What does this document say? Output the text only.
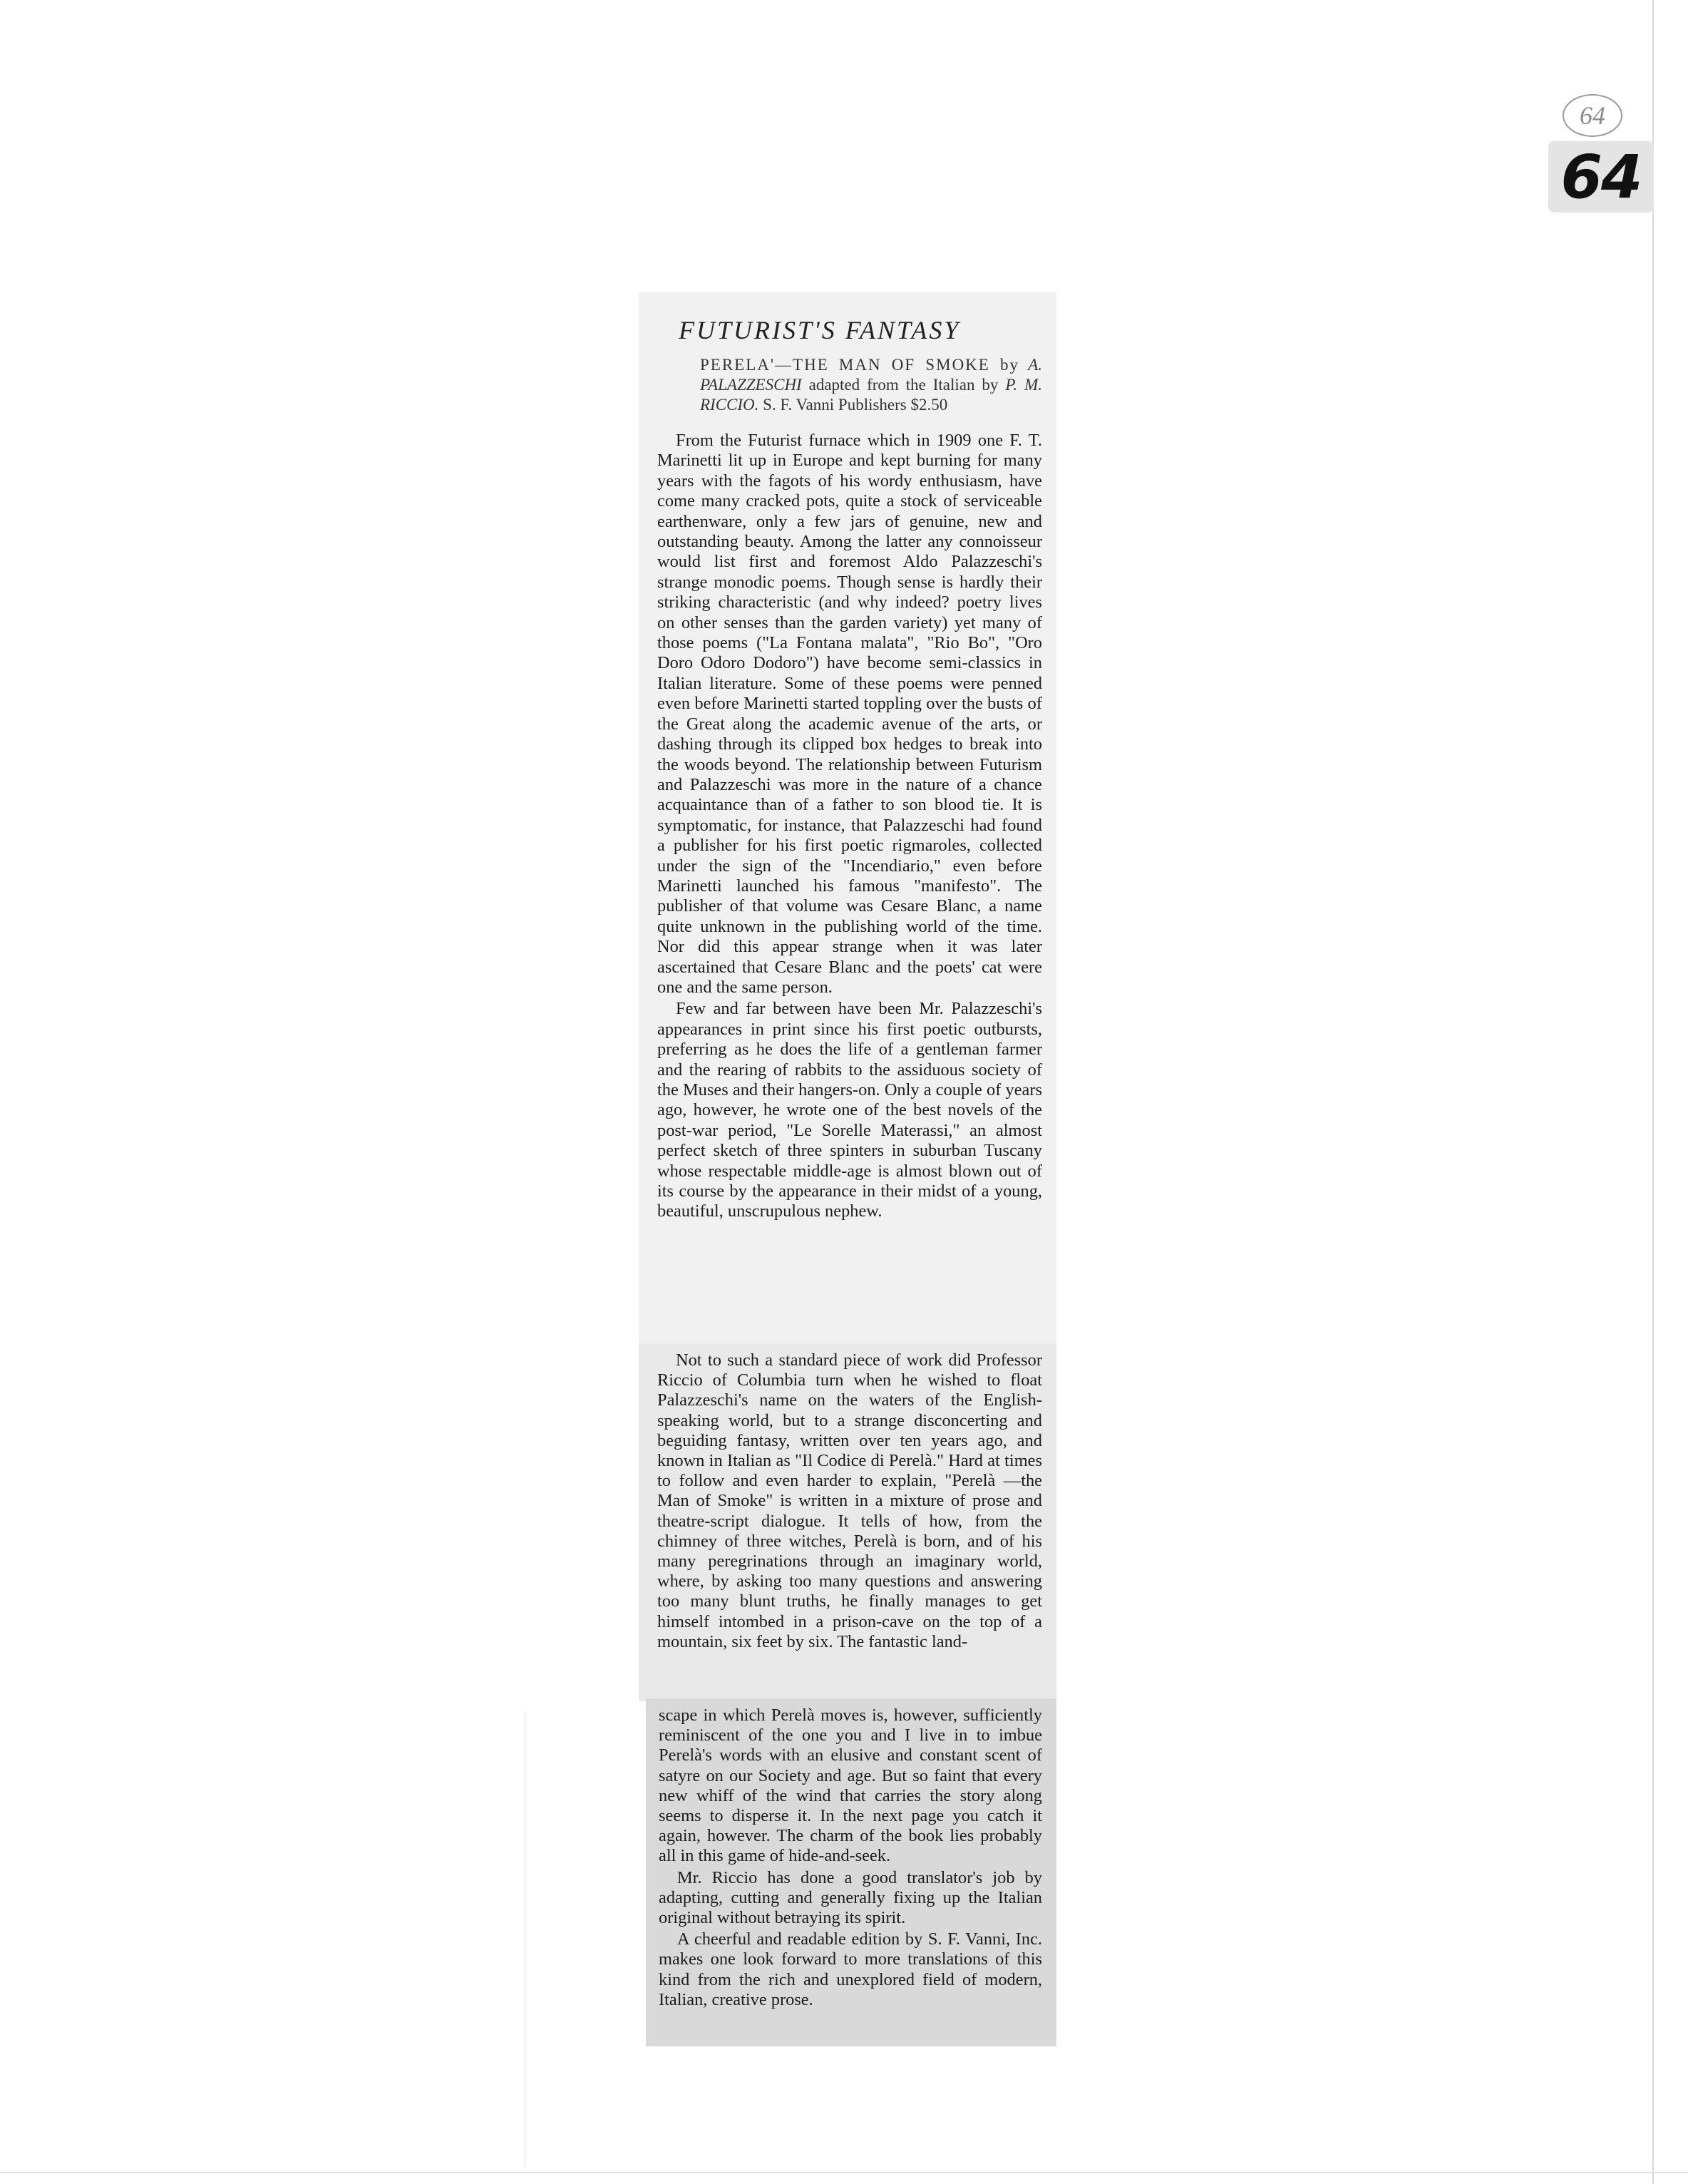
64
64
FUTURIST'S FANTASY
PERELA'—THE MAN OF SMOKE by A. PALAZZESCHI adapted from the Italian by P. M. RICCIO. S. F. Vanni Publishers $2.50

From the Futurist furnace which in 1909 one F. T. Marinetti lit up in Europe and kept burning for many years with the fagots of his wordy enthusiasm, have come many cracked pots, quite a stock of serviceable earthenware, only a few jars of genuine, new and outstanding beauty. Among the latter any connoisseur would list first and foremost Aldo Palazzeschi's strange monodic poems. Though sense is hardly their striking characteristic (and why indeed? poetry lives on other senses than the garden variety) yet many of those poems ("La Fontana malata", "Rio Bo", "Oro Doro Odoro Dodoro") have become semi-classics in Italian literature. Some of these poems were penned even before Marinetti started toppling over the busts of the Great along the academic avenue of the arts, or dashing through its clipped box hedges to break into the woods beyond. The relationship between Futurism and Palazzeschi was more in the nature of a chance acquaintance than of a father to son blood tie. It is symptomatic, for instance, that Palazzeschi had found a publisher for his first poetic rigmaroles, collected under the sign of the "Incendiario," even before Marinetti launched his famous "manifesto". The publisher of that volume was Cesare Blanc, a name quite unknown in the publishing world of the time. Nor did this appear strange when it was later ascertained that Cesare Blanc and the poets' cat were one and the same person.

Few and far between have been Mr. Palazzeschi's appearances in print since his first poetic outbursts, preferring as he does the life of a gentleman farmer and the rearing of rabbits to the assiduous society of the Muses and their hangers-on. Only a couple of years ago, however, he wrote one of the best novels of the post-war period, "Le Sorelle Materassi," an almost perfect sketch of three spinters in suburban Tuscany whose respectable middle-age is almost blown out of its course by the appearance in their midst of a young, beautiful, unscrupulous nephew.

Not to such a standard piece of work did Professor Riccio of Columbia turn when he wished to float Palazzeschi's name on the waters of the English-speaking world, but to a strange disconcerting and beguiding fantasy, written over ten years ago, and known in Italian as "Il Codice di Perelà." Hard at times to follow and even harder to explain, "Perelà —the Man of Smoke" is written in a mixture of prose and theatre-script dialogue. It tells of how, from the chimney of three witches, Perelà is born, and of his many peregrinations through an imaginary world, where, by asking too many questions and answering too many blunt truths, he finally manages to get himself intombed in a prison-cave on the top of a mountain, six feet by six. The fantastic land-

scape in which Perelà moves is, however, sufficiently reminiscent of the one you and I live in to imbue Perelà's words with an elusive and constant scent of satyre on our Society and age. But so faint that every new whiff of the wind that carries the story along seems to disperse it. In the next page you catch it again, however. The charm of the book lies probably all in this game of hide-and-seek.

Mr. Riccio has done a good translator's job by adapting, cutting and generally fixing up the Italian original without betraying its spirit.

A cheerful and readable edition by S. F. Vanni, Inc. makes one look forward to more translations of this kind from the rich and unexplored field of modern, Italian, creative prose.
